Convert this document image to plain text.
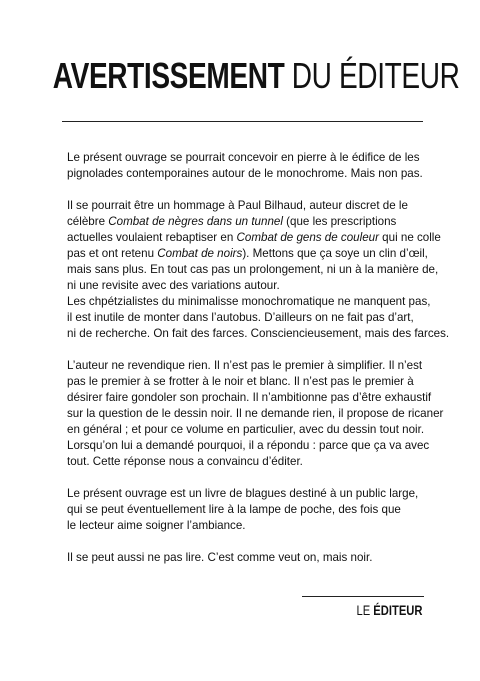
AVERTISSEMENT DU ÉDITEUR

Le présent ouvrage se pourrait concevoir en pierre à le édifice de les
pignolades contemporaines autour de le monochrome. Mais non pas.

Il se pourrait être un hommage à Paul Bilhaud, auteur discret de le
célèbre Combat de nègres dans un tunnel (que les prescriptions
actuelles voulaient rebaptiser en Combat de gens de couleur qui ne colle
pas et ont retenu Combat de noirs). Mettons que ça soye un clin d’œil,
mais sans plus. En tout cas pas un prolongement, ni un à la manière de,
ni une revisite avec des variations autour.
Les chpétzialistes du minimalisse monochromatique ne manquent pas,
il est inutile de monter dans l’autobus. D’ailleurs on ne fait pas d’art,
ni de recherche. On fait des farces. Consciencieusement, mais des farces.

L’auteur ne revendique rien. Il n’est pas le premier à simplifier. Il n’est
pas le premier à se frotter à le noir et blanc. Il n’est pas le premier à
désirer faire gondoler son prochain. Il n’ambitionne pas d’être exhaustif
sur la question de le dessin noir. Il ne demande rien, il propose de ricaner
en général ; et pour ce volume en particulier, avec du dessin tout noir.
Lorsqu’on lui a demandé pourquoi, il a répondu : parce que ça va avec
tout. Cette réponse nous a convaincu d’éditer.

Le présent ouvrage est un livre de blagues destiné à un public large,
qui se peut éventuellement lire à la lampe de poche, des fois que
le lecteur aime soigner l’ambiance.

Il se peut aussi ne pas lire. C’est comme veut on, mais noir.

LE ÉDITEUR
